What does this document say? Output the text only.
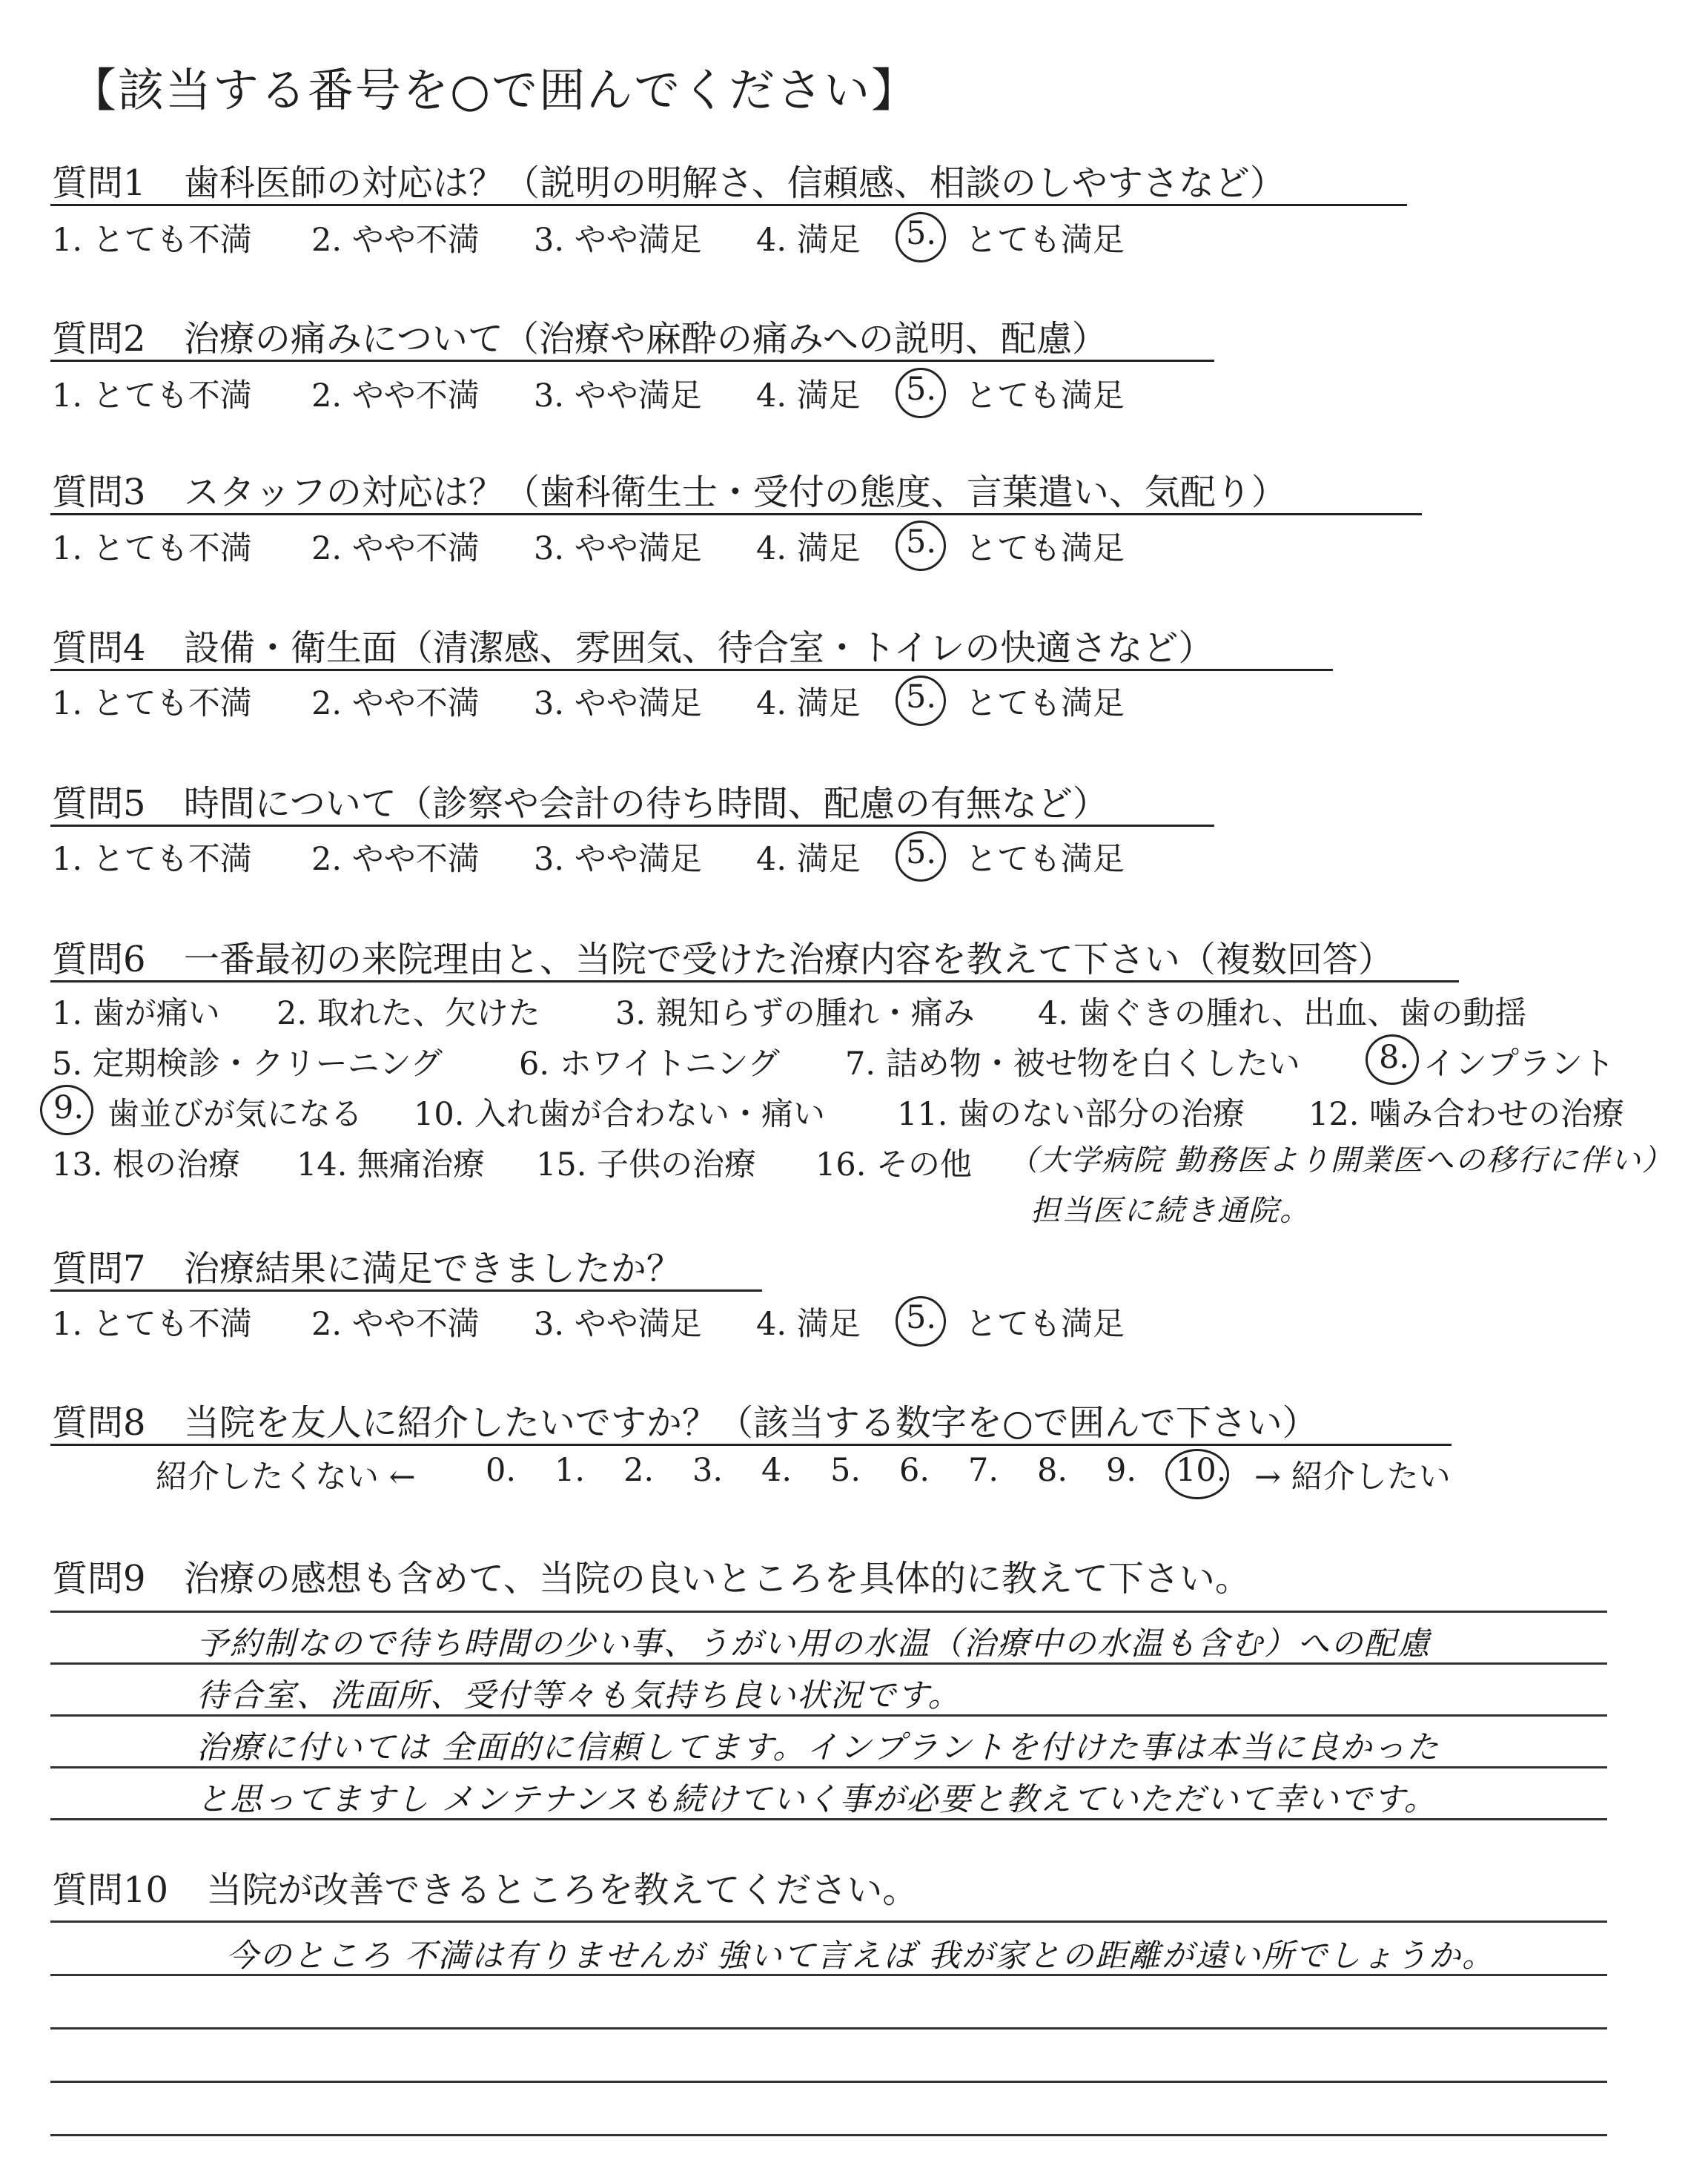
【該当する番号を○で囲んでください】
質問1 歯科医師の対応は？（説明の明解さ、信頼感、相談のしやすさなど）
1. とても不満 2. やや不満 3. やや満足 4. 満足 5. とても満足
質問2 治療の痛みについて（治療や麻酔の痛みへの説明、配慮）
1. とても不満 2. やや不満 3. やや満足 4. 満足 5. とても満足
質問3 スタッフの対応は？（歯科衛生士・受付の態度、言葉遣い、気配り）
1. とても不満 2. やや不満 3. やや満足 4. 満足 5. とても満足
質問4 設備・衛生面（清潔感、雰囲気、待合室・トイレの快適さなど）
1. とても不満 2. やや不満 3. やや満足 4. 満足 5. とても満足
質問5 時間について（診察や会計の待ち時間、配慮の有無など）
1. とても不満 2. やや不満 3. やや満足 4. 満足 5. とても満足
質問6 一番最初の来院理由と、当院で受けた治療内容を教えて下さい（複数回答）
1. 歯が痛い 2. 取れた、欠けた 3. 親知らずの腫れ・痛み 4. 歯ぐきの腫れ、出血、歯の動揺
5. 定期検診・クリーニング 6. ホワイトニング 7. 詰め物・被せ物を白くしたい 8. インプラント
9. 歯並びが気になる 10. 入れ歯が合わない・痛い 11. 歯のない部分の治療 12. 噛み合わせの治療
13. 根の治療 14. 無痛治療 15. 子供の治療 16. その他 （大学病院 勤務医より開業医への移行に伴い）
担当医に続き通院。
質問7 治療結果に満足できましたか？
1. とても不満 2. やや不満 3. やや満足 4. 満足 5. とても満足
質問8 当院を友人に紹介したいですか？（該当する数字を○で囲んで下さい）
紹介したくない ← 0. 1. 2. 3. 4. 5. 6. 7. 8. 9. 10. → 紹介したい
質問9 治療の感想も含めて、当院の良いところを具体的に教えて下さい。
予約制なので待ち時間の少い事、うがい用の水温（治療中の水温も含む）への配慮
待合室、洗面所、受付等々も気持ち良い状況です。
治療に付いては 全面的に信頼してます。インプラントを付けた事は本当に良かった
と思ってますし メンテナンスも続けていく事が必要と教えていただいて幸いです。
質問10 当院が改善できるところを教えてください。
今のところ 不満は有りませんが 強いて言えば 我が家との距離が遠い所でしょうか。
